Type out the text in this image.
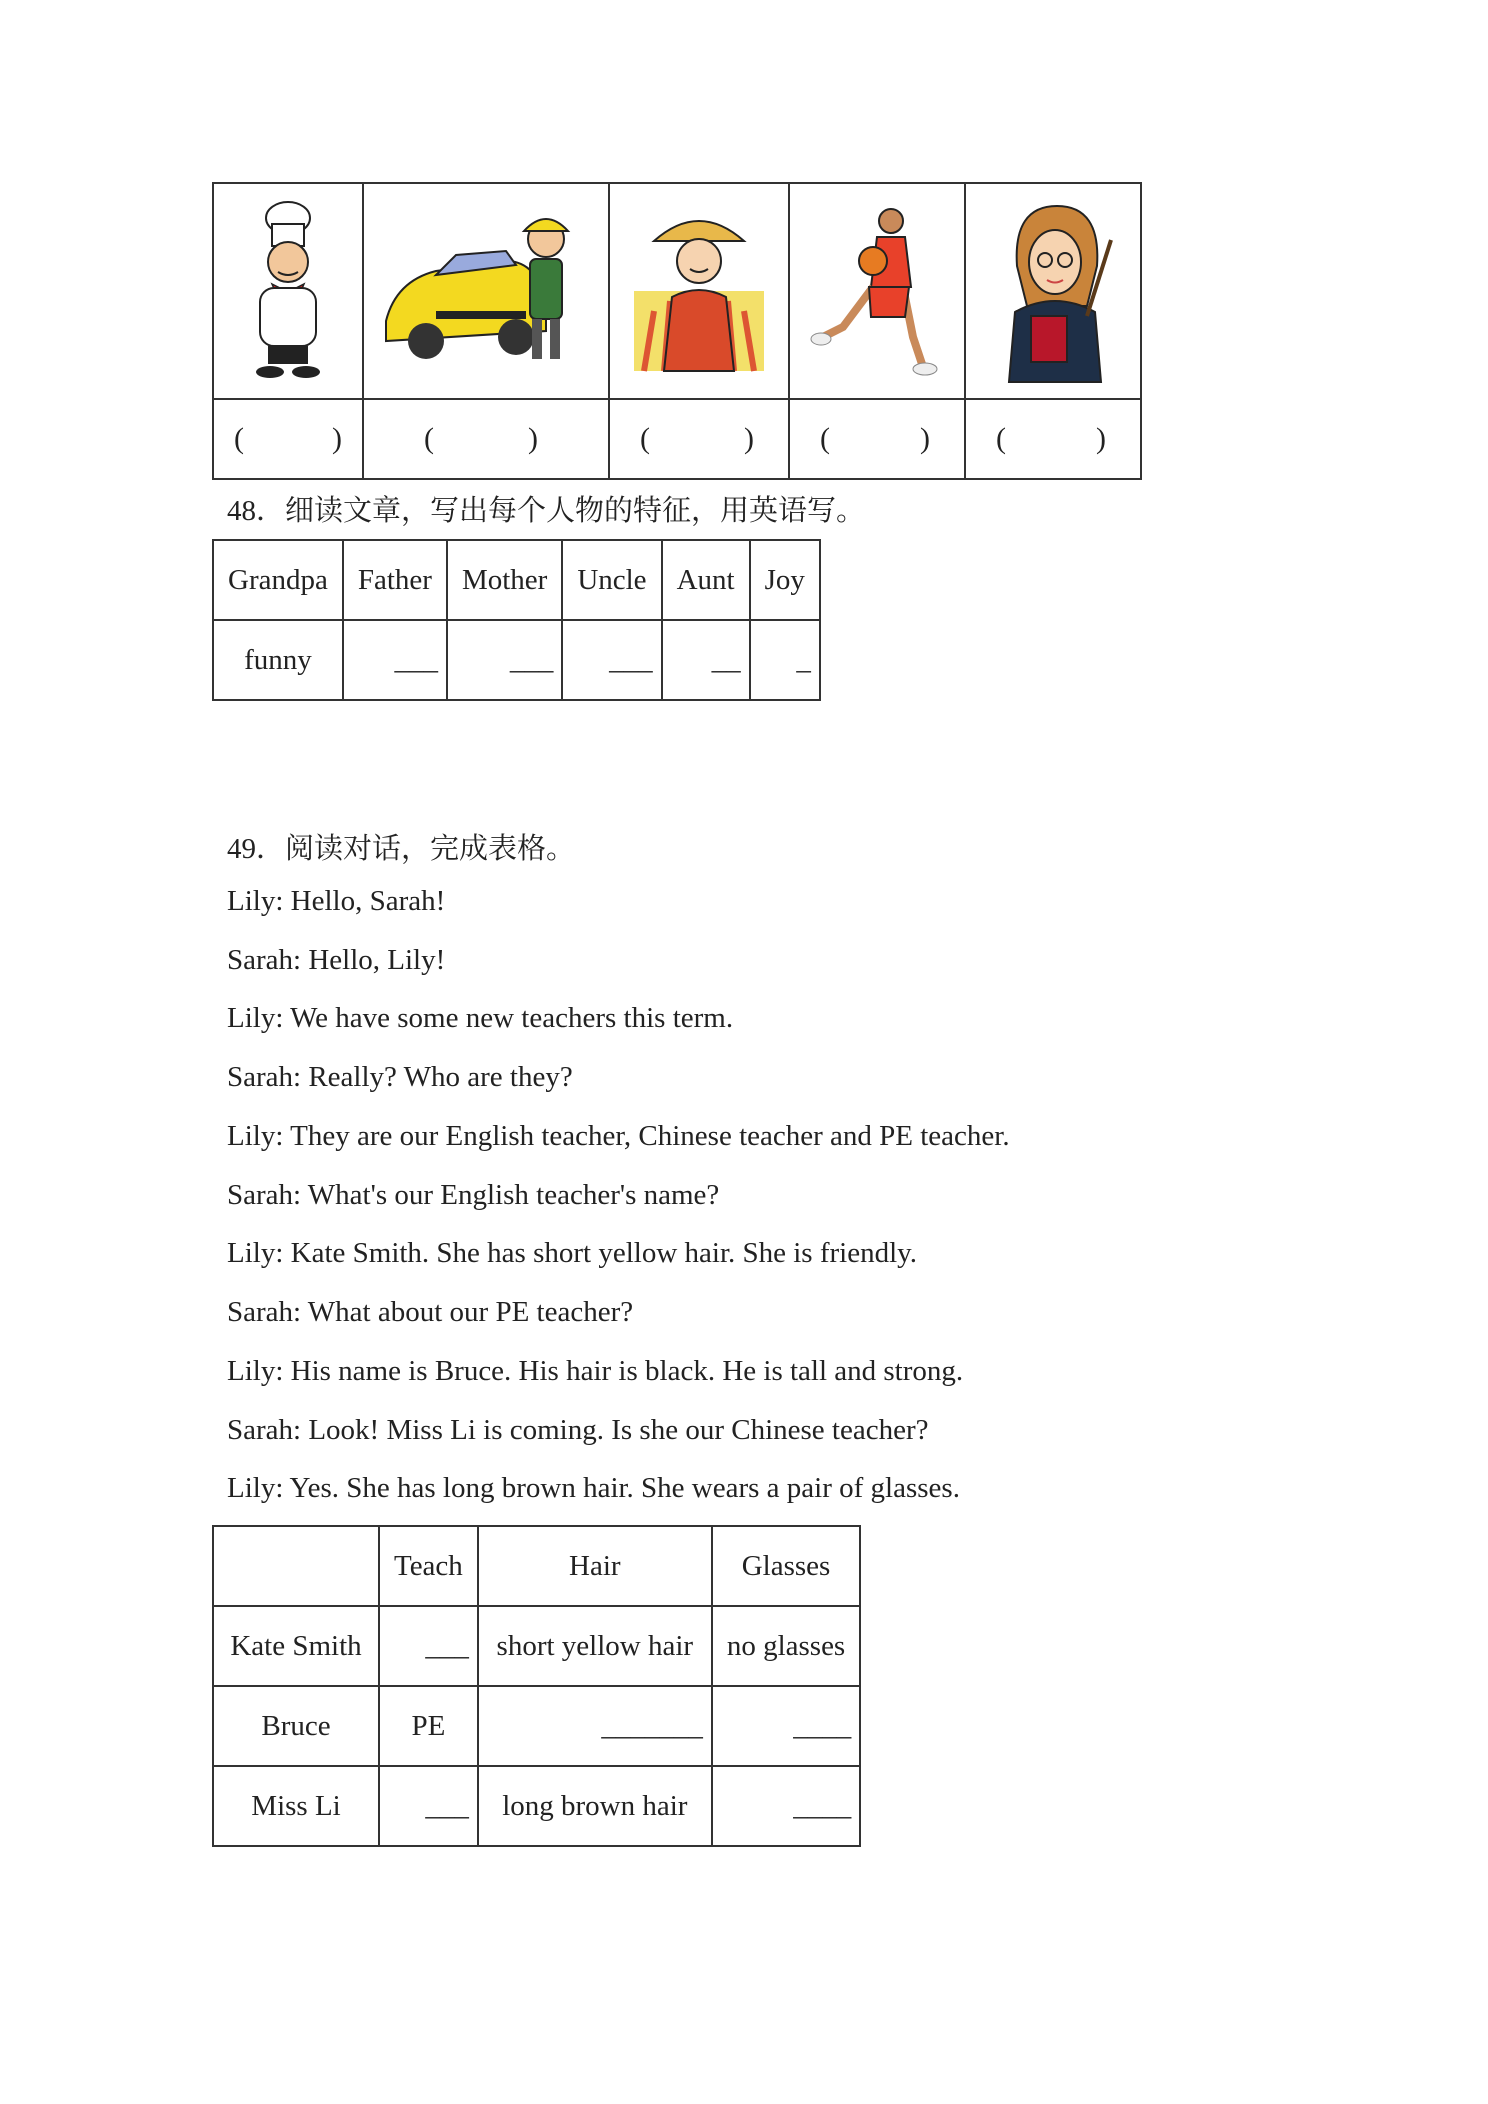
( )	( )	( )	( )	( )
48．细读文章，写出每个人物的特征，用英语写。
Grandpa	Father	Mother	Uncle	Aunt	Joy
funny	___	___	___	__	_
49．阅读对话，完成表格。
Lily: Hello, Sarah!
Sarah: Hello, Lily!
Lily: We have some new teachers this term.
Sarah: Really? Who are they?
Lily: They are our English teacher, Chinese teacher and PE teacher.
Sarah: What's our English teacher's name?
Lily: Kate Smith. She has short yellow hair. She is friendly.
Sarah: What about our PE teacher?
Lily: His name is Bruce. His hair is black. He is tall and strong.
Sarah: Look! Miss Li is coming. Is she our Chinese teacher?
Lily: Yes. She has long brown hair. She wears a pair of glasses.
	Teach	Hair	Glasses
Kate Smith	___	short yellow hair	no glasses
Bruce	PE	_______	____
Miss Li	___	long brown hair	____
